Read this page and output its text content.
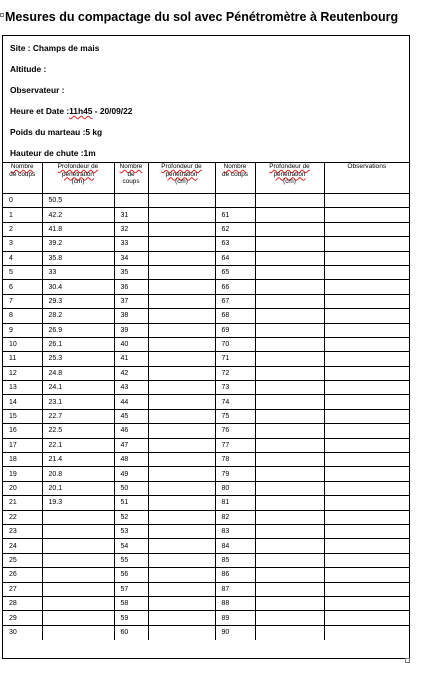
Mesures du compactage du sol avec Pénétromètre à Reutenbourg
Site : Champs de mais
Altitude :
Observateur :
Heure et Date :11h45 - 20/09/22
Poids du marteau :5 kg
Hauteur de chute :1m
Nombre
de coups	Profondeur de
pénétration
(cm)	Nombre
de
coups	Profondeur de
pénétration
(cm)	Nombre
de coups	Profondeur de
pénétration
(cm)	Observations
0	50.5					
1	42.2	31		61		
2	41.8	32		62		
3	39.2	33		63		
4	35.8	34		64		
5	33	35		65		
6	30.4	36		66		
7	29.3	37		67		
8	28.2	38		68		
9	26.9	39		69		
10	26.1	40		70		
11	25.3	41		71		
12	24.8	42		72		
13	24.1	43		73		
14	23.1	44		74		
15	22.7	45		75		
16	22.5	46		76		
17	22.1	47		77		
18	21.4	48		78		
19	20.8	49		79		
20	20.1	50		80		
21	19.3	51		81		
22		52		82		
23		53		83		
24		54		84		
25		55		85		
26		56		86		
27		57		87		
28		58		88		
29		59		89		
30		60		90		
